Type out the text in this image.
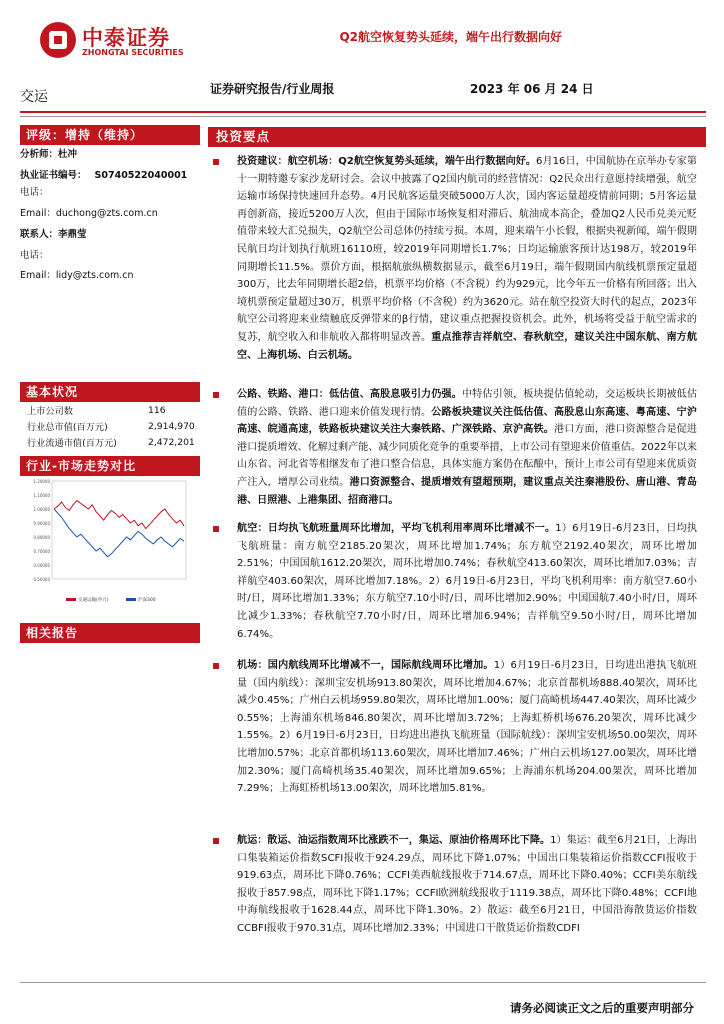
中泰证券
ZHONGTAI SECURITIES
Q2航空恢复势头延续，端午出行数据向好
交运	证券研究报告/行业周报	2023 年 06 月 24 日
评级：增持（维持）
分析师：杜冲
执业证书编号： S0740522040001
电话：
Email：duchong@zts.com.cn
联系人：李鼎莹
电话：
Email：lidy@zts.com.cn
基本状况
上市公司数	116
行业总市值(百万元)	2,914,970
行业流通市值(百万元)	2,472,201
行业-市场走势对比
1.20000
1.10000
1.00000
0.90000
0.80000
0.70000
0.60000
0.50000
交通运输(申万)	沪深300
相关报告
投资要点

投资建议：航空机场：Q2航空恢复势头延续，端午出行数据向好。6月16日，中国航协在京举办专家第十一期特邀专家沙龙研讨会。会议中披露了Q2国内航司的经营情况：Q2民众出行意愿持续增强，航空运输市场保持快速回升态势。4月民航客运量突破5000万人次，国内客运量超疫情前同期；5月客运量再创新高，接近5200万人次，但由于国际市场恢复相对滞后、航油成本高企，叠加Q2人民币兑美元贬值带来较大汇兑损失，Q2航空公司总体仍持续亏损。本周，迎来端午小长假，根据央视新闻，端午假期民航日均计划执行航班16110班，较2019年同期增长1.7%；日均运输旅客预计达198万，较2019年同期增长11.5%。票价方面，根据航旅纵横数据显示，截至6月19日，端午假期国内航线机票预定量超300万，比去年同期增长超2倍，机票平均价格（不含税）约为929元，比今年五一价格有所回落；出入境机票预定量超过30万，机票平均价格（不含税）约为3620元。站在航空投资大时代的起点，2023年航空公司将迎来业绩触底反弹带来的β行情，建议重点把握投资机会。此外，机场将受益于航空需求的复苏，航空收入和非航收入都将明显改善。重点推荐吉祥航空、春秋航空，建议关注中国东航、南方航空、上海机场、白云机场。

公路、铁路、港口：低估值、高股息吸引力仍强。中特估引领，板块提估值轮动，交运板块长期被低估值的公路、铁路、港口迎来价值发现行情。公路板块建议关注低估值、高股息山东高速、粤高速、宁沪高速、皖通高速，铁路板块建议关注大秦铁路、广深铁路、京沪高铁。港口方面，港口资源整合是促进港口提质增效、化解过剩产能、减少同质化竞争的重要举措，上市公司有望迎来价值重估。2022年以来山东省、河北省等相继发布了港口整合信息，具体实施方案仍在酝酿中，预计上市公司有望迎来优质资产注入，增厚公司业绩。港口资源整合、提质增效有望超预期，建议重点关注秦港股份、唐山港、青岛港、日照港、上港集团、招商港口。

航空：日均执飞航班量周环比增加，平均飞机利用率周环比增减不一。1）6月19日-6月23日，日均执飞航班量：南方航空2185.20架次，周环比增加1.74%；东方航空2192.40架次，周环比增加2.51%；中国国航1612.20架次，周环比增加0.74%；春秋航空413.60架次，周环比增加7.03%；吉祥航空403.60架次，周环比增加7.18%。2）6月19日-6月23日，平均飞机利用率：南方航空7.60小时/日，周环比增加1.33%；东方航空7.10小时/日，周环比增加2.90%；中国国航7.40小时/日，周环比减少1.33%；春秋航空7.70小时/日，周环比增加6.94%；吉祥航空9.50小时/日，周环比增加6.74%。

机场：国内航线周环比增减不一，国际航线周环比增加。1）6月19日-6月23日，日均进出港执飞航班量（国内航线）：深圳宝安机场913.80架次，周环比增加4.67%；北京首都机场888.40架次，周环比减少0.45%；广州白云机场959.80架次，周环比增加1.00%；厦门高崎机场447.40架次，周环比减少0.55%；上海浦东机场846.80架次，周环比增加3.72%；上海虹桥机场676.20架次，周环比减少1.55%。2）6月19日-6月23日，日均进出港执飞航班量（国际航线）：深圳宝安机场50.00架次，周环比增加0.57%；北京首都机场113.60架次，周环比增加7.46%；广州白云机场127.00架次，周环比增加2.30%；厦门高崎机场35.40架次，周环比增加9.65%；上海浦东机场204.00架次，周环比增加7.29%；上海虹桥机场13.00架次，周环比增加5.81%。

航运：散运、油运指数周环比涨跌不一，集运、原油价格周环比下降。1）集运：截至6月21日，上海出口集装箱运价指数SCFI报收于924.29点，周环比下降1.07%；中国出口集装箱运价指数CCFI报收于919.63点，周环比下降0.76%；CCFI美西航线报收于714.67点，周环比下降0.40%；CCFI美东航线报收于857.98点，周环比下降1.17%；CCFI欧洲航线报收于1119.38点，周环比下降0.48%；CCFI地中海航线报收于1628.44点，周环比下降1.30%。2）散运：截至6月21日，中国沿海散货运价指数CCBFI报收于970.31点，周环比增加2.33%；中国进口干散货运价指数CDFI

请务必阅读正文之后的重要声明部分
